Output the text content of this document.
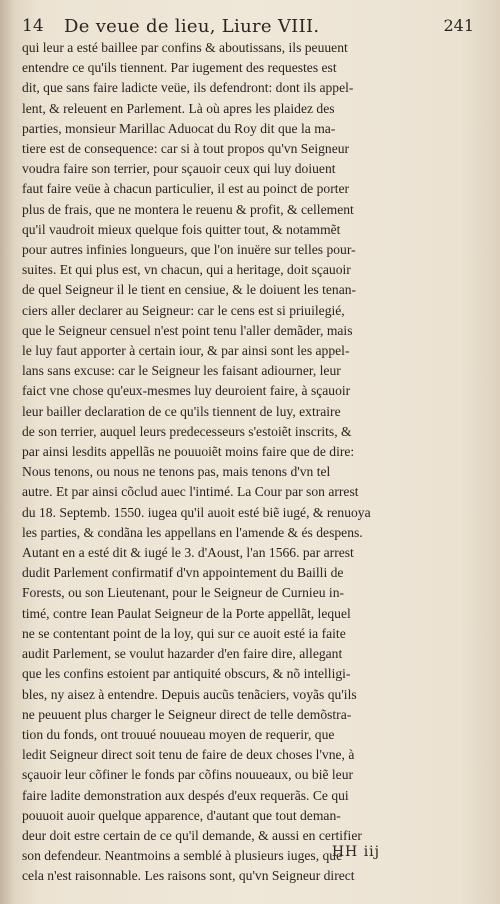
14 De veue de lieu, Liure VIII.	241
qui leur a esté baillee par confins & aboutissans, ils peuuent
entendre ce qu'ils tiennent. Par iugement des requestes est
dit, que sans faire ladicte veüe, ils defendront: dont ils appel-
lent, & releuent en Parlement. Là où apres les plaidez des
parties, monsieur Marillac Aduocat du Roy dit que la ma-
tiere est de consequence: car si à tout propos qu'vn Seigneur
voudra faire son terrier, pour sçauoir ceux qui luy doiuent
faut faire veüe à chacun particulier, il est au poinct de porter
plus de frais, que ne montera le reuenu & profit, & cellement
qu'il vaudroit mieux quelque fois quitter tout, & notammẽt
pour autres infinies longueurs, que l'on inuëre sur telles pour-
suites. Et qui plus est, vn chacun, qui a heritage, doit sçauoir
de quel Seigneur il le tient en censiue, & le doiuent les tenan-
ciers aller declarer au Seigneur: car le cens est si priuilegié,
que le Seigneur censuel n'est point tenu l'aller demãder, mais
le luy faut apporter à certain iour, & par ainsi sont les appel-
lans sans excuse: car le Seigneur les faisant adiourner, leur
faict vne chose qu'eux-mesmes luy deuroient faire, à sçauoir
leur bailler declaration de ce qu'ils tiennent de luy, extraire
de son terrier, auquel leurs predecesseurs s'estoiẽt inscrits, &
par ainsi lesdits appellãs ne pouuoiẽt moins faire que de dire:
Nous tenons, ou nous ne tenons pas, mais tenons d'vn tel
autre. Et par ainsi cõclud auec l'intimé. La Cour par son arrest
du 18. Septemb. 1550. iugea qu'il auoit esté biẽ iugé, & renuoya
les parties, & condãna les appellans en l'amende & és despens.
Autant en a esté dit & iugé le 3. d'Aoust, l'an 1566. par arrest
dudit Parlement confirmatif d'vn appointement du Bailli de
Forests, ou son Lieutenant, pour le Seigneur de Curnieu in-
timé, contre Iean Paulat Seigneur de la Porte appellãt, lequel
ne se contentant point de la loy, qui sur ce auoit esté ia faite
audit Parlement, se voulut hazarder d'en faire dire, allegant
que les confins estoient par antiquité obscurs, & nõ intelligi-
bles, ny aisez à entendre. Depuis aucũs tenãciers, voyãs qu'ils
ne peuuent plus charger le Seigneur direct de telle demõstra-
tion du fonds, ont trouué nouueau moyen de requerir, que
ledit Seigneur direct soit tenu de faire de deux choses l'vne, à
sçauoir leur cõfiner le fonds par cõfins nouueaux, ou biẽ leur
faire ladite demonstration aux despés d'eux requerãs. Ce qui
pouuoit auoir quelque apparence, d'autant que tout deman-
deur doit estre certain de ce qu'il demande, & aussi en certifier
son defendeur. Neantmoins a semblé à plusieurs iuges, que
cela n'est raisonnable. Les raisons sont, qu'vn Seigneur direct
HH iij
